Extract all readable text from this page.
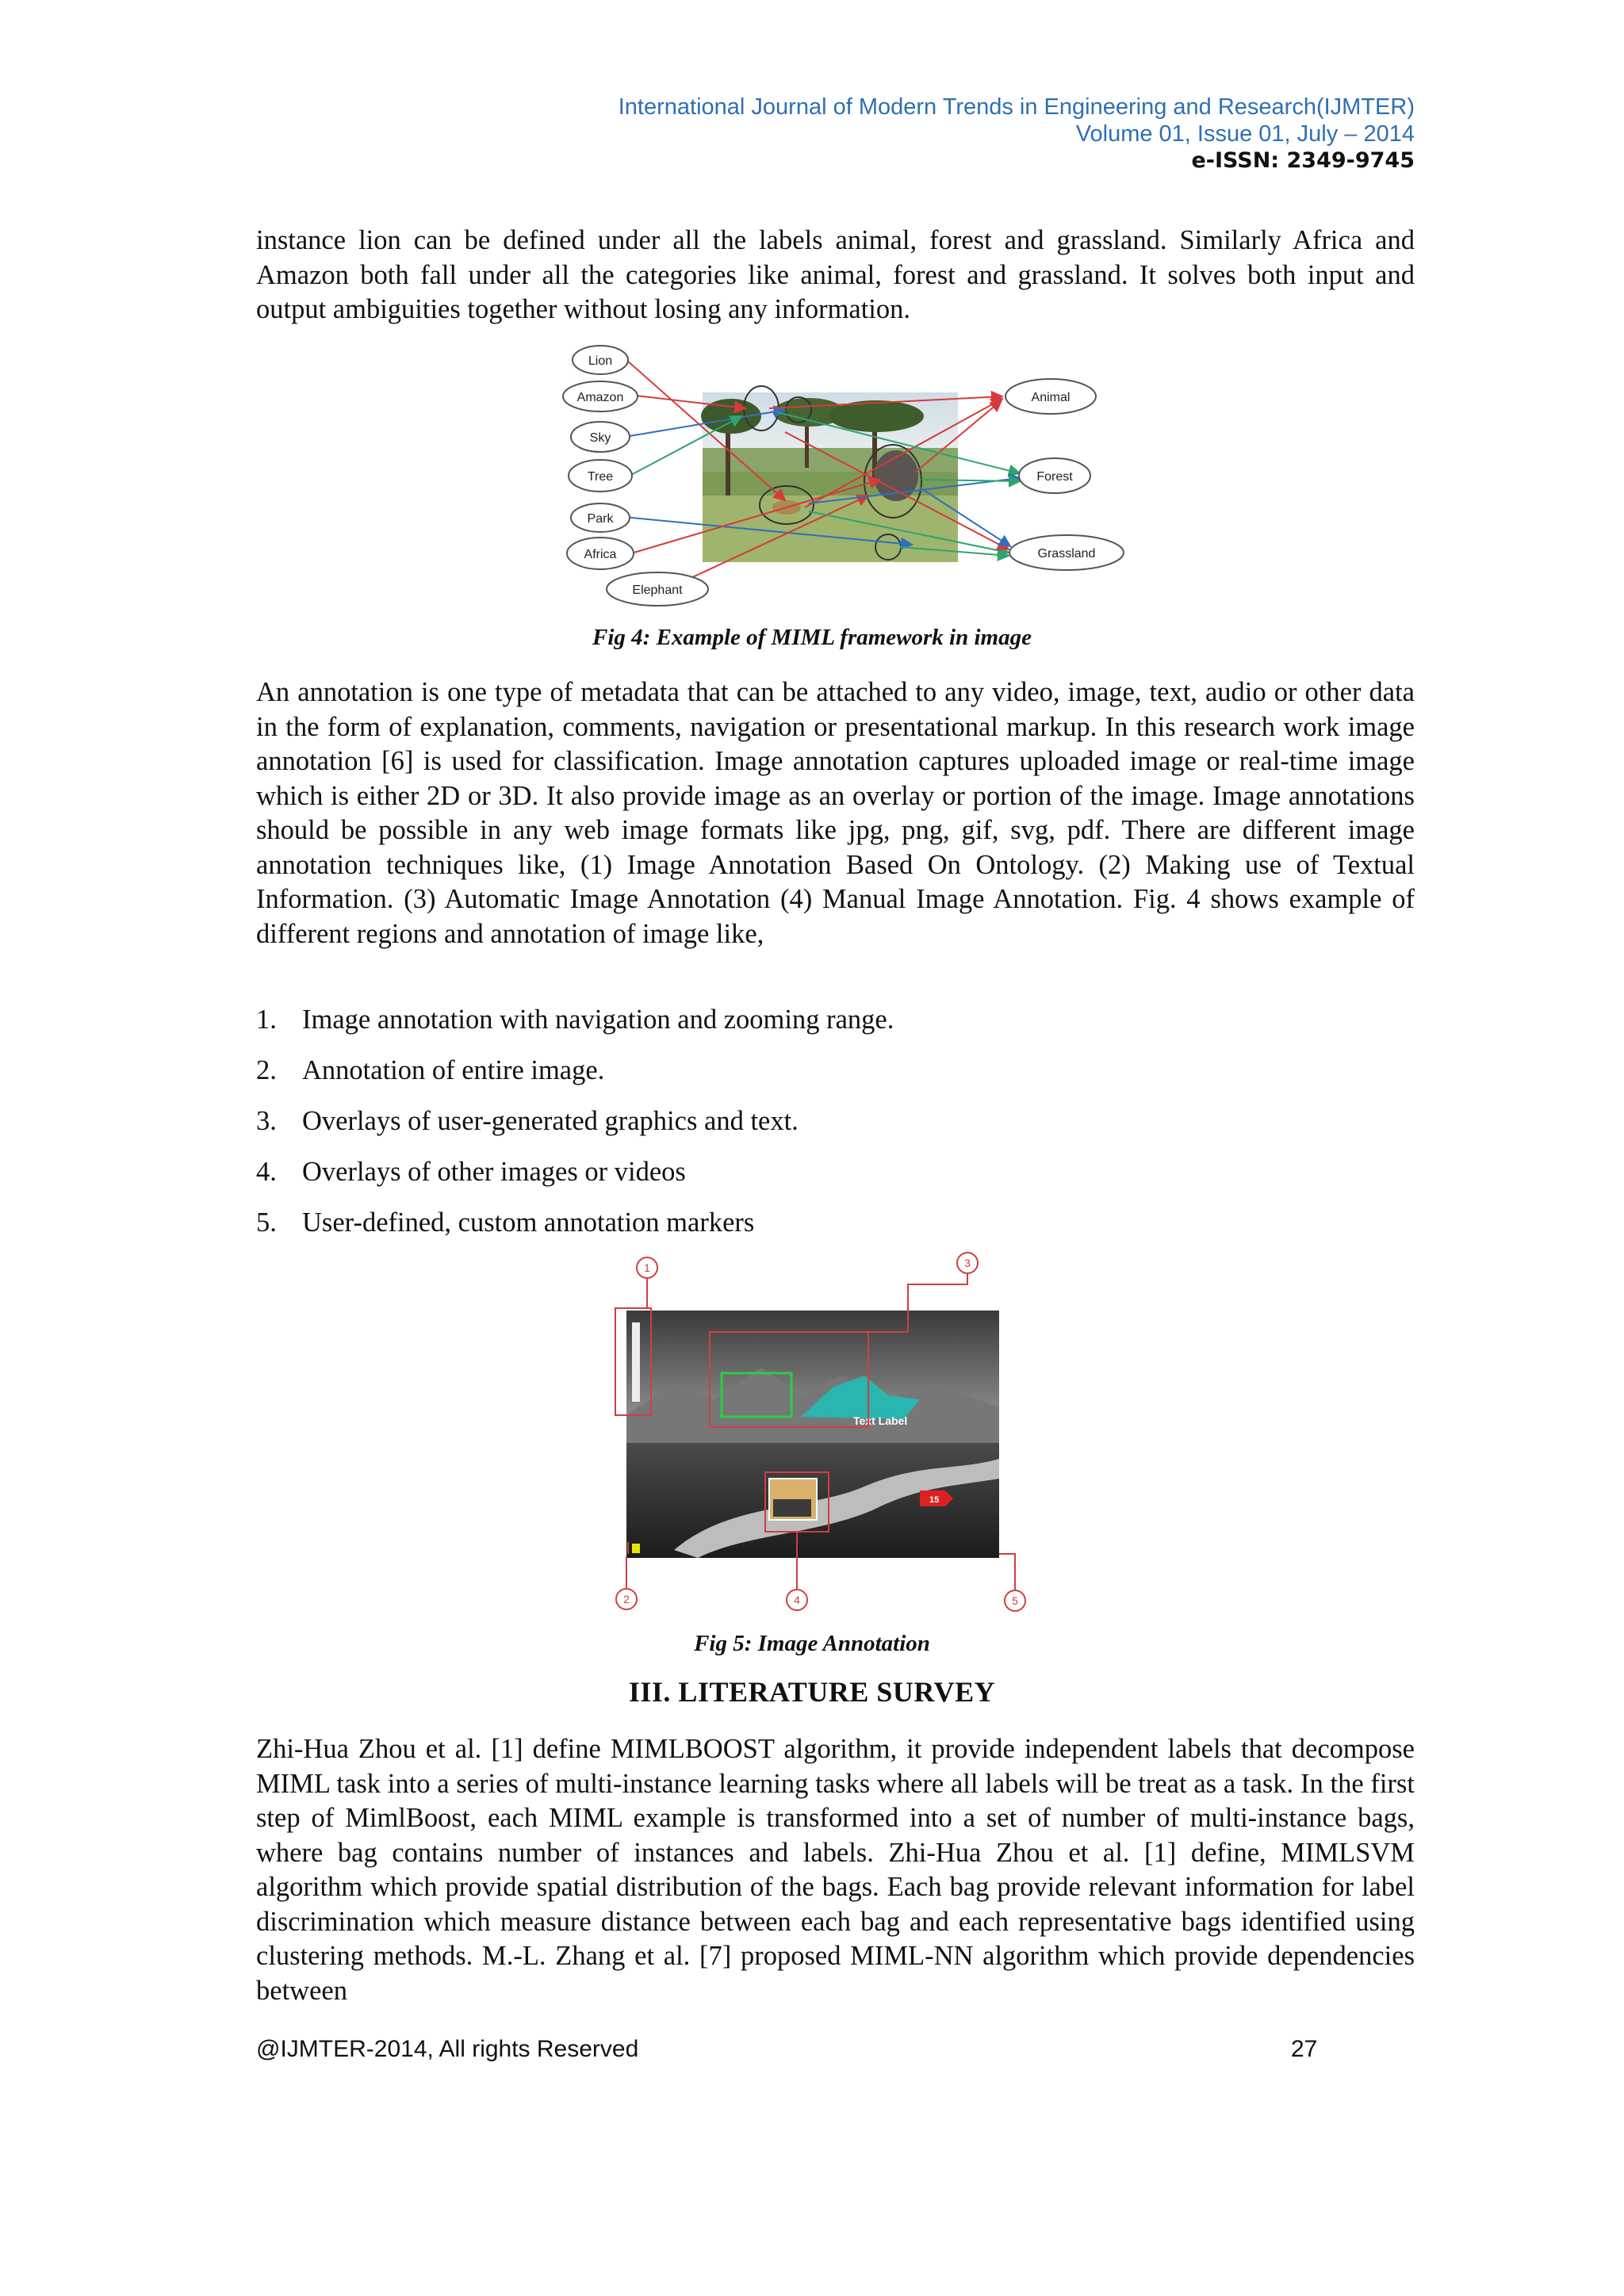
International Journal of Modern Trends in Engineering and Research(IJMTER)
Volume 01, Issue 01, July – 2014
e-ISSN: 2349-9745

instance lion can be defined under all the labels animal, forest and grassland. Similarly Africa and Amazon both fall under all the categories like animal, forest and grassland. It solves both input and output ambiguities together without losing any information.

Lion
Amazon
Sky
Tree
Park
Africa
Elephant
Animal
Forest
Grassland
Fig 4: Example of MIML framework in image

An annotation is one type of metadata that can be attached to any video, image, text, audio or other data in the form of explanation, comments, navigation or presentational markup. In this research work image annotation [6] is used for classification. Image annotation captures uploaded image or real-time image which is either 2D or 3D. It also provide image as an overlay or portion of the image. Image annotations should be possible in any web image formats like jpg, png, gif, svg, pdf. There are different image annotation techniques like, (1) Image Annotation Based On Ontology. (2) Making use of Textual Information. (3) Automatic Image Annotation (4) Manual Image Annotation. Fig. 4 shows example of different regions and annotation of image like,

1. Image annotation with navigation and zooming range.
2. Annotation of entire image.
3. Overlays of user-generated graphics and text.
4. Overlays of other images or videos
5. User-defined, custom annotation markers
Text Label
15
1
2
3
4	5
Fig 5: Image Annotation
III. LITERATURE SURVEY

Zhi-Hua Zhou et al. [1] define MIMLBOOST algorithm, it provide independent labels that decompose MIML task into a series of multi-instance learning tasks where all labels will be treat as a task. In the first step of MimlBoost, each MIML example is transformed into a set of number of multi-instance bags, where bag contains number of instances and labels. Zhi-Hua Zhou et al. [1] define, MIMLSVM algorithm which provide spatial distribution of the bags. Each bag provide relevant information for label discrimination which measure distance between each bag and each representative bags identified using clustering methods. M.-L. Zhang et al. [7] proposed MIML-NN algorithm which provide dependencies between

@IJMTER-2014, All rights Reserved	27
